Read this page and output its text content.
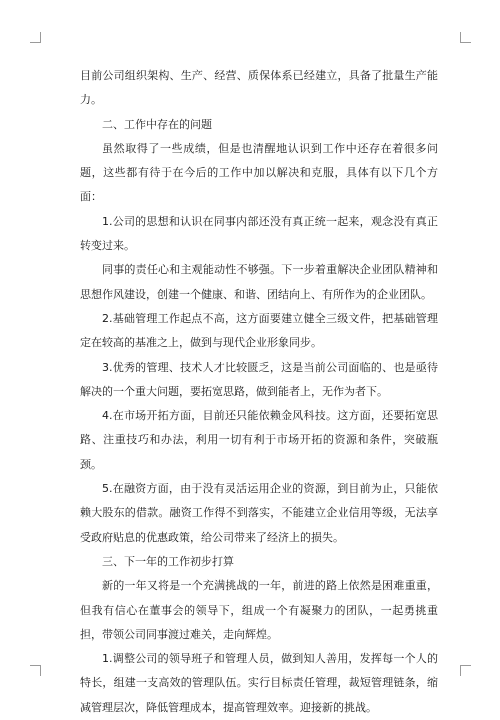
目前公司组织架构、生产、经营、质保体系已经建立，具备了批量生产能力。

二、工作中存在的问题

虽然取得了一些成绩，但是也清醒地认识到工作中还存在着很多问题，这些都有待于在今后的工作中加以解决和克服，具体有以下几个方面：

1.公司的思想和认识在同事内部还没有真正统一起来，观念没有真正转变过来。

同事的责任心和主观能动性不够强。下一步着重解决企业团队精神和思想作风建设，创建一个健康、和谐、团结向上、有所作为的企业团队。

2.基础管理工作起点不高，这方面要建立健全三级文件，把基础管理定在较高的基准之上，做到与现代企业形象同步。

3.优秀的管理、技术人才比较匮乏，这是当前公司面临的、也是亟待解决的一个重大问题，要拓宽思路，做到能者上，无作为者下。

4.在市场开拓方面，目前还只能依赖金风科技。这方面，还要拓宽思路、注重技巧和办法，利用一切有利于市场开拓的资源和条件，突破瓶颈。

5.在融资方面，由于没有灵活运用企业的资源，到目前为止，只能依赖大股东的借款。融资工作得不到落实，不能建立企业信用等级，无法享受政府贴息的优惠政策，给公司带来了经济上的损失。

三、下一年的工作初步打算

新的一年又将是一个充满挑战的一年，前进的路上依然是困难重重，但我有信心在董事会的领导下，组成一个有凝聚力的团队，一起勇挑重担，带领公司同事渡过难关，走向辉煌。

1.调整公司的领导班子和管理人员，做到知人善用，发挥每一个人的特长，组建一支高效的管理队伍。实行目标责任管理，裁短管理链条，缩减管理层次，降低管理成本，提高管理效率。迎接新的挑战。
